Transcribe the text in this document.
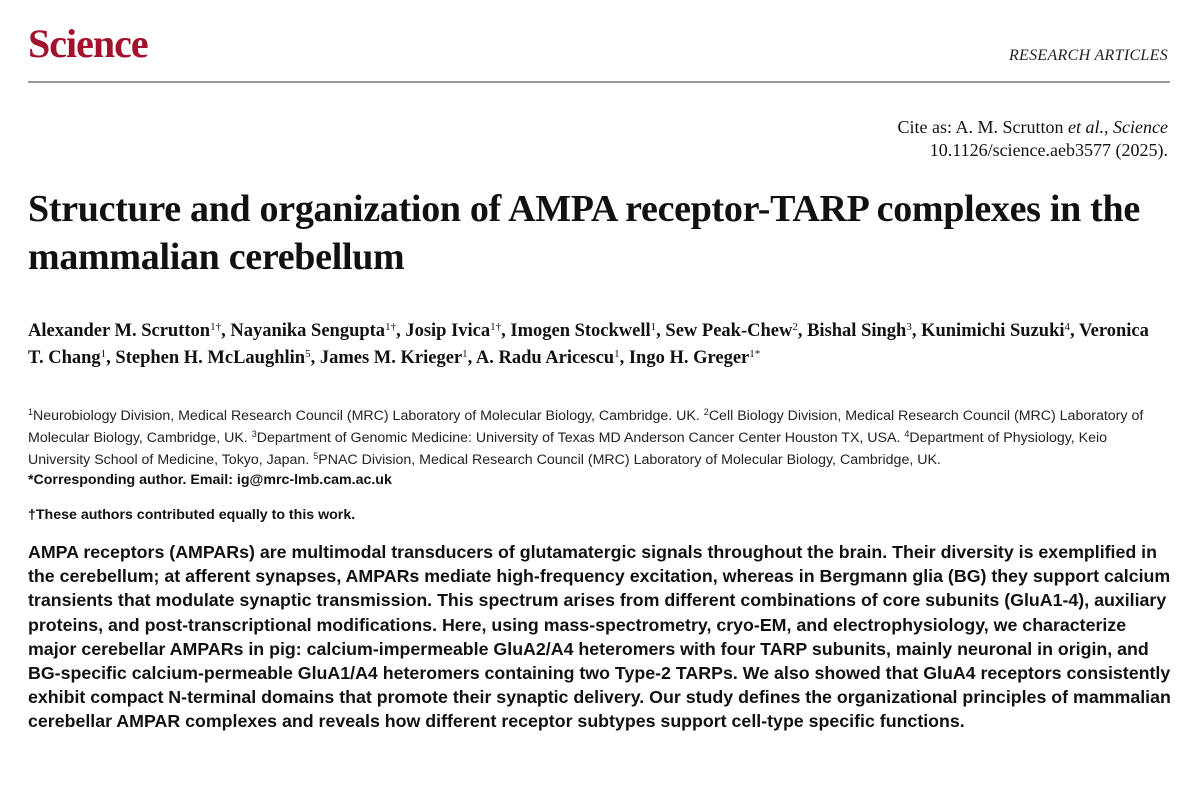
Science	RESEARCH ARTICLES
Cite as: A. M. Scrutton et al., Science
10.1126/science.aeb3577 (2025).
Structure and organization of AMPA receptor-TARP complexes in the mammalian cerebellum
Alexander M. Scrutton$^{1\dagger}$, Nayanika Sengupta$^{1\dagger}$, Josip Ivica$^{1\dagger}$, Imogen Stockwell$^1$, Sew Peak-Chew$^2$, Bishal Singh$^3$, Kunimichi Suzuki$^4$, Veronica T. Chang$^1$, Stephen H. McLaughlin$^5$, James M. Krieger$^1$, A. Radu Aricescu$^1$, Ingo H. Greger$^{1*}$
$^1$Neurobiology Division, Medical Research Council (MRC) Laboratory of Molecular Biology, Cambridge. UK. $^2$Cell Biology Division, Medical Research Council (MRC) Laboratory of Molecular Biology, Cambridge, UK. $^3$Department of Genomic Medicine: University of Texas MD Anderson Cancer Center Houston TX, USA. $^4$Department of Physiology, Keio University School of Medicine, Tokyo, Japan. $^5$PNAC Division, Medical Research Council (MRC) Laboratory of Molecular Biology, Cambridge, UK.
*Corresponding author. Email: ig@mrc-lmb.cam.ac.uk
†These authors contributed equally to this work.

AMPA receptors (AMPARs) are multimodal transducers of glutamatergic signals throughout the brain. Their diversity is exemplified in the cerebellum; at afferent synapses, AMPARs mediate high-frequency excitation, whereas in Bergmann glia (BG) they support calcium transients that modulate synaptic transmission. This spectrum arises from different combinations of core subunits (GluA1-4), auxiliary proteins, and post-transcriptional modifications. Here, using mass-spectrometry, cryo-EM, and electrophysiology, we characterize major cerebellar AMPARs in pig: calcium-impermeable GluA2/A4 heteromers with four TARP subunits, mainly neuronal in origin, and BG-specific calcium-permeable GluA1/A4 heteromers containing two Type-2 TARPs. We also showed that GluA4 receptors consistently exhibit compact N-terminal domains that promote their synaptic delivery. Our study defines the organizational principles of mammalian cerebellar AMPAR complexes and reveals how different receptor subtypes support cell-type specific functions.
